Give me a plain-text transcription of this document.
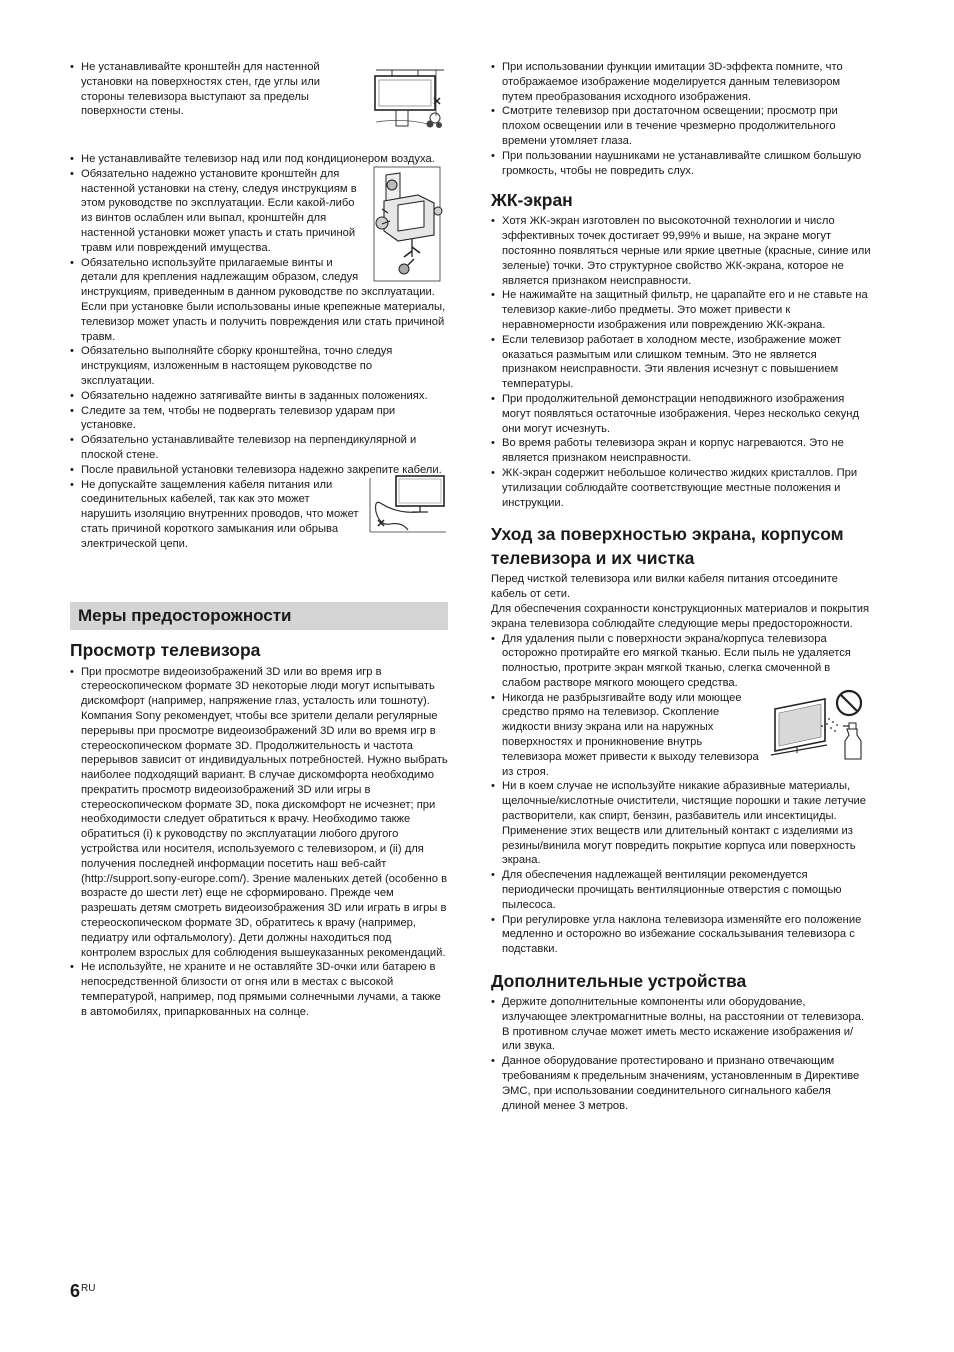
• Не устанавливайте кронштейн для настенной установки на поверхностях стен, где углы или стороны телевизора выступают за пределы поверхности стены.
• Не устанавливайте телевизор над или под кондиционером воздуха.
• Обязательно надежно установите кронштейн для настенной установки на стену, следуя инструкциям в этом руководстве по эксплуатации. Если какой-либо из винтов ослаблен или выпал, кронштейн для настенной установки может упасть и стать причиной травм или повреждений имущества.
• Обязательно используйте прилагаемые винты и детали для крепления надлежащим образом, следуя инструкциям, приведенным в данном руководстве по эксплуатации. Если при установке были использованы иные крепежные материалы, телевизор может упасть и получить повреждения или стать причиной травм.
• Обязательно выполняйте сборку кронштейна, точно следуя инструкциям, изложенным в настоящем руководстве по эксплуатации.
• Обязательно надежно затягивайте винты в заданных положениях.
• Следите за тем, чтобы не подвергать телевизор ударам при установке.
• Обязательно устанавливайте телевизор на перпендикулярной и плоской стене.
• После правильной установки телевизора надежно закрепите кабели.
• Не допускайте защемления кабеля питания или соединительных кабелей, так как это может нарушить изоляцию внутренних проводов, что может стать причиной короткого замыкания или обрыва электрической цепи.
Меры предосторожности
Просмотр телевизора
• При просмотре видеоизображений 3D или во время игр в стереоскопическом формате 3D некоторые люди могут испытывать дискомфорт (например, напряжение глаз, усталость или тошноту). Компания Sony рекомендует, чтобы все зрители делали регулярные перерывы при просмотре видеоизображений 3D или во время игр в стереоскопическом формате 3D. Продолжительность и частота перерывов зависит от индивидуальных потребностей. Нужно выбрать наиболее подходящий вариант. В случае дискомфорта необходимо прекратить просмотр видеоизображений 3D или игры в стереоскопическом формате 3D, пока дискомфорт не исчезнет; при необходимости следует обратиться к врачу. Необходимо также обратиться (i) к руководству по эксплуатации любого другого устройства или носителя, используемого с телевизором, и (ii) для получения последней информации посетить наш веб-сайт (http://support.sony-europe.com/). Зрение маленьких детей (особенно в возрасте до шести лет) еще не сформировано. Прежде чем разрешать детям смотреть видеоизображения 3D или играть в игры в стереоскопическом формате 3D, обратитесь к врачу (например, педиатру или офтальмологу). Дети должны находиться под контролем взрослых для соблюдения вышеуказанных рекомендаций.
• Не используйте, не храните и не оставляйте 3D-очки или батарею в непосредственной близости от огня или в местах с высокой температурой, например, под прямыми солнечными лучами, а также в автомобилях, припаркованных на солнце.
• При использовании функции имитации 3D-эффекта помните, что отображаемое изображение моделируется данным телевизором путем преобразования исходного изображения.
• Смотрите телевизор при достаточном освещении; просмотр при плохом освещении или в течение чрезмерно продолжительного времени утомляет глаза.
• При пользовании наушниками не устанавливайте слишком большую громкость, чтобы не повредить слух.
ЖК-экран
• Хотя ЖК-экран изготовлен по высокоточной технологии и число эффективных точек достигает 99,99% и выше, на экране могут постоянно появляться черные или яркие цветные (красные, синие или зеленые) точки. Это структурное свойство ЖК-экрана, которое не является признаком неисправности.
• Не нажимайте на защитный фильтр, не царапайте его и не ставьте на телевизор какие-либо предметы. Это может привести к неравномерности изображения или повреждению ЖК-экрана.
• Если телевизор работает в холодном месте, изображение может оказаться размытым или слишком темным. Это не является признаком неисправности. Эти явления исчезнут с повышением температуры.
• При продолжительной демонстрации неподвижного изображения могут появляться остаточные изображения. Через несколько секунд они могут исчезнуть.
• Во время работы телевизора экран и корпус нагреваются. Это не является признаком неисправности.
• ЖК-экран содержит небольшое количество жидких кристаллов. При утилизации соблюдайте соответствующие местные положения и инструкции.
Уход за поверхностью экрана, корпусом телевизора и их чистка

Перед чисткой телевизора или вилки кабеля питания отсоедините кабель от сети.

Для обеспечения сохранности конструкционных материалов и покрытия экрана телевизора соблюдайте следующие меры предосторожности.

• Для удаления пыли с поверхности экрана/корпуса телевизора осторожно протирайте его мягкой тканью. Если пыль не удаляется полностью, протрите экран мягкой тканью, слегка смоченной в слабом растворе мягкого моющего средства.
• Никогда не разбрызгивайте воду или моющее средство прямо на телевизор. Скопление жидкости внизу экрана или на наружных поверхностях и проникновение внутрь телевизора может привести к выходу телевизора из строя.
• Ни в коем случае не используйте никакие абразивные материалы, щелочные/кислотные очистители, чистящие порошки и такие летучие растворители, как спирт, бензин, разбавитель или инсектициды. Применение этих веществ или длительный контакт с изделиями из резины/винила могут повредить покрытие корпуса или поверхность экрана.
• Для обеспечения надлежащей вентиляции рекомендуется периодически прочищать вентиляционные отверстия с помощью пылесоса.
• При регулировке угла наклона телевизора изменяйте его положение медленно и осторожно во избежание соскальзывания телевизора с подставки.
Дополнительные устройства
• Держите дополнительные компоненты или оборудование, излучающее электромагнитные волны, на расстоянии от телевизора. В противном случае может иметь место искажение изображения и/или звука.
• Данное оборудование протестировано и признано отвечающим требованиям к предельным значениям, установленным в Директиве ЭМС, при использовании соединительного сигнального кабеля длиной менее 3 метров.
$6^{RU}$
